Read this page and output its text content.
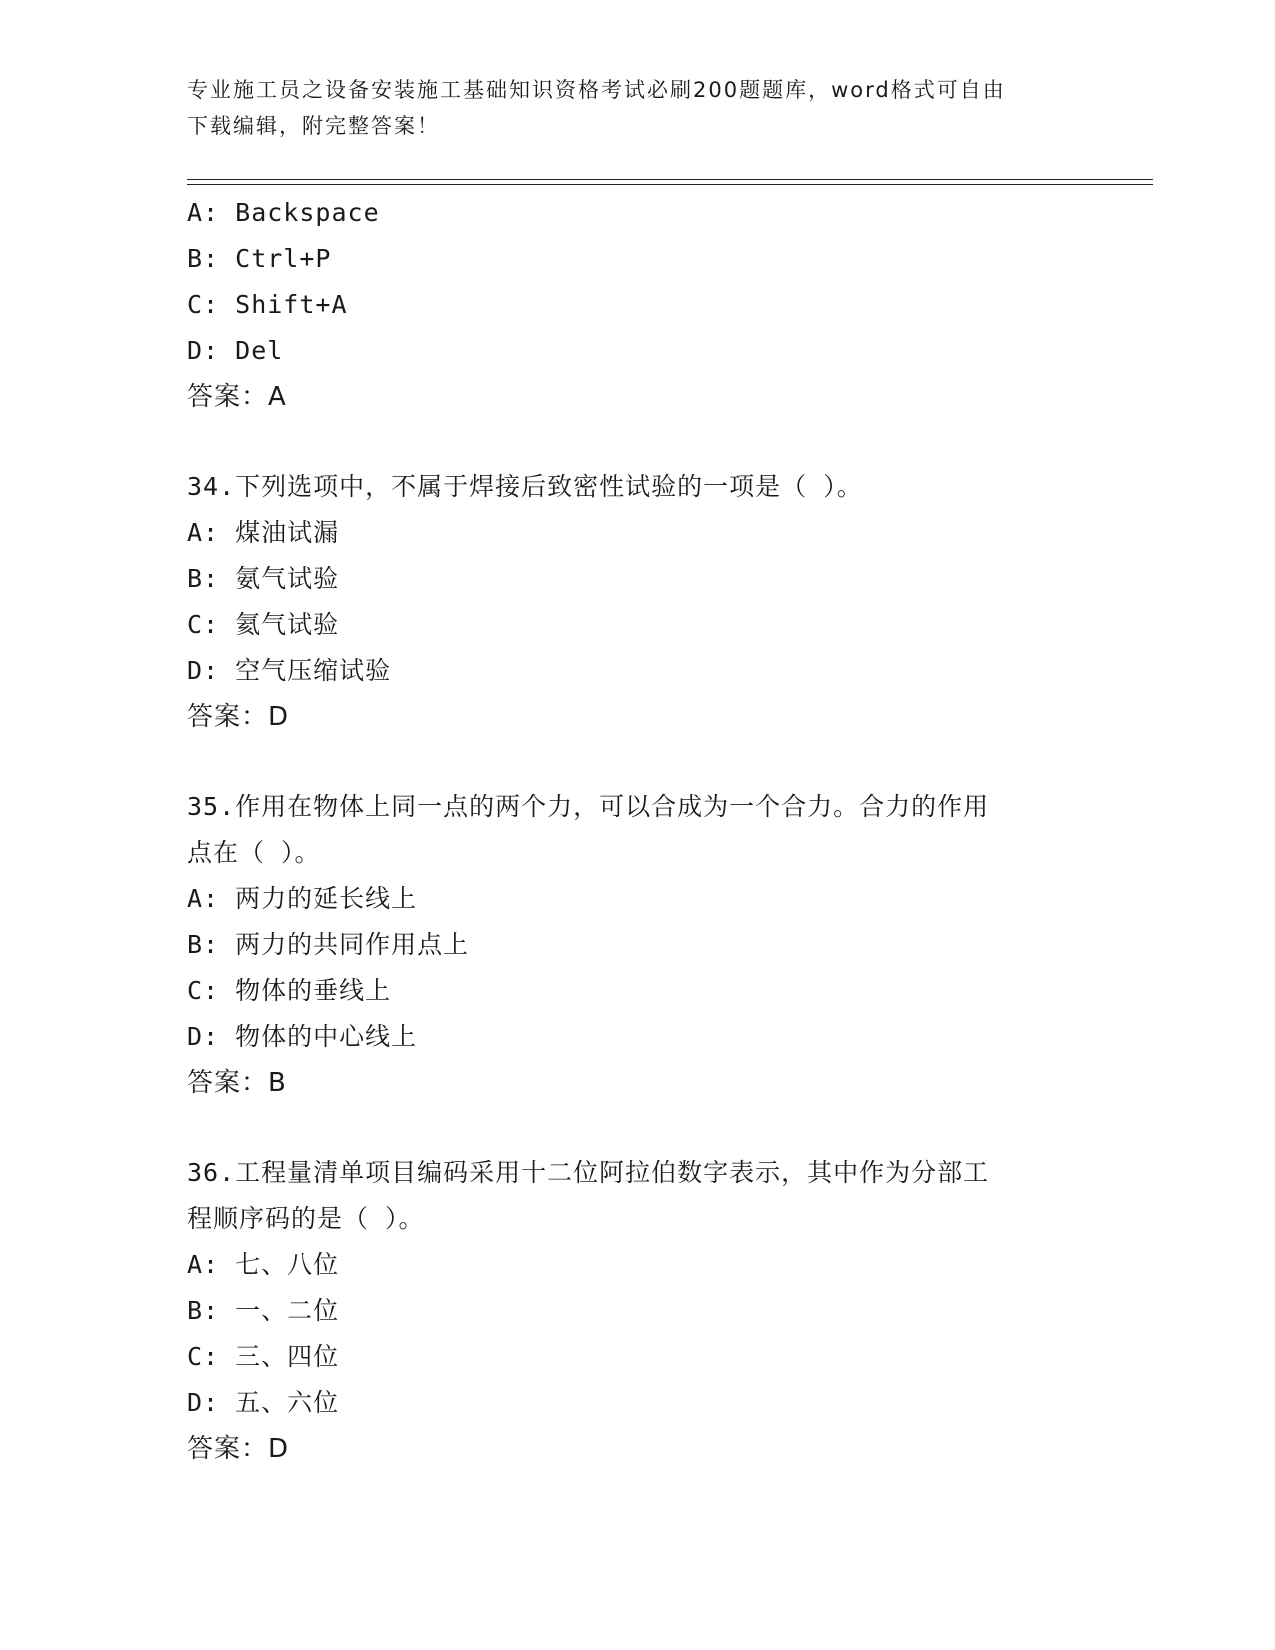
专业施工员之设备安装施工基础知识资格考试必刷200题题库，word格式可自由
下载编辑，附完整答案！
A: Backspace
B: Ctrl+P
C: Shift+A
D: Del
答案：A
34.下列选项中，不属于焊接后致密性试验的一项是（ ）。
A: 煤油试漏
B: 氨气试验
C: 氦气试验
D: 空气压缩试验
答案：D
35.作用在物体上同一点的两个力，可以合成为一个合力。合力的作用
点在（ ）。
A: 两力的延长线上
B: 两力的共同作用点上
C: 物体的垂线上
D: 物体的中心线上
答案：B
36.工程量清单项目编码采用十二位阿拉伯数字表示，其中作为分部工
程顺序码的是（ ）。
A: 七、八位
B: 一、二位
C: 三、四位
D: 五、六位
答案：D
